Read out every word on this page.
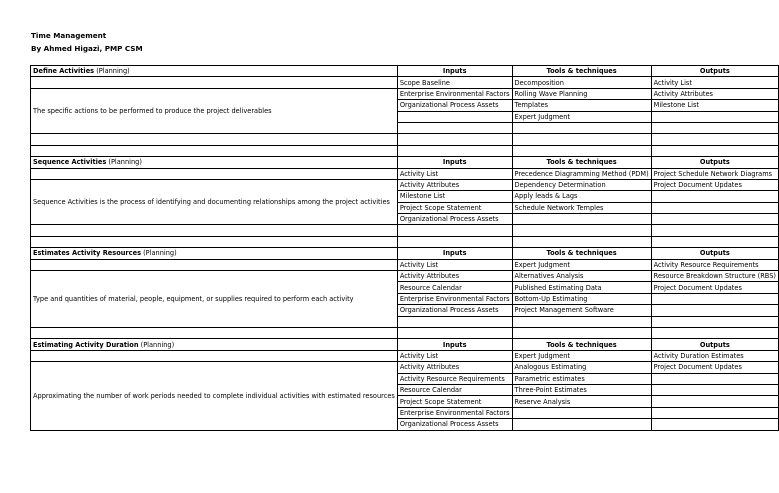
Time Management
By Ahmed Higazi, PMP CSM
Define Activities (Planning)	Inputs	Tools & techniques	Outputs
	Scope Baseline	Decomposition	Activity List
The specific actions to be performed to produce the project deliverables	Enterprise Environmental Factors	Rolling Wave Planning	Activity Attributes
	Organizational Process Assets	Templates	Milestone List
		Expert Judgment	

Sequence Activities (Planning)	Inputs	Tools & techniques	Outputs
	Activity List	Precedence Diagramming Method (PDM)	Project Schedule Network Diagrams
Sequence Activities is the process of identifying and documenting relationships among the project activities	Activity Attributes	Dependency Determination	Project Document Updates
	Milestone List	Apply leads & Lags	
	Project Scope Statement	Schedule Network Temples	
	Organizational Process Assets		

Estimates Activity Resources (Planning)	Inputs	Tools & techniques	Outputs
	Activity List	Expert Judgment	Activity Resource Requirements
Type and quantities of material, people, equipment, or supplies required to perform each activity	Activity Attributes	Alternatives Analysis	Resource Breakdown Structure (RBS)
	Resource Calendar	Published Estimating Data	Project Document Updates
	Enterprise Environmental Factors	Bottom-Up Estimating	
	Organizational Process Assets	Project Management Software	

Estimating Activity Duration (Planning)	Inputs	Tools & techniques	Outputs
	Activity List	Expert Judgment	Activity Duration Estimates
Approximating the number of work periods needed to complete individual activities with estimated resources	Activity Attributes	Analogous Estimating	Project Document Updates
	Activity Resource Requirements	Parametric estimates	
	Resource Calendar	Three-Point Estimates	
	Project Scope Statement	Reserve Analysis	
	Enterprise Environmental Factors		
	Organizational Process Assets		
